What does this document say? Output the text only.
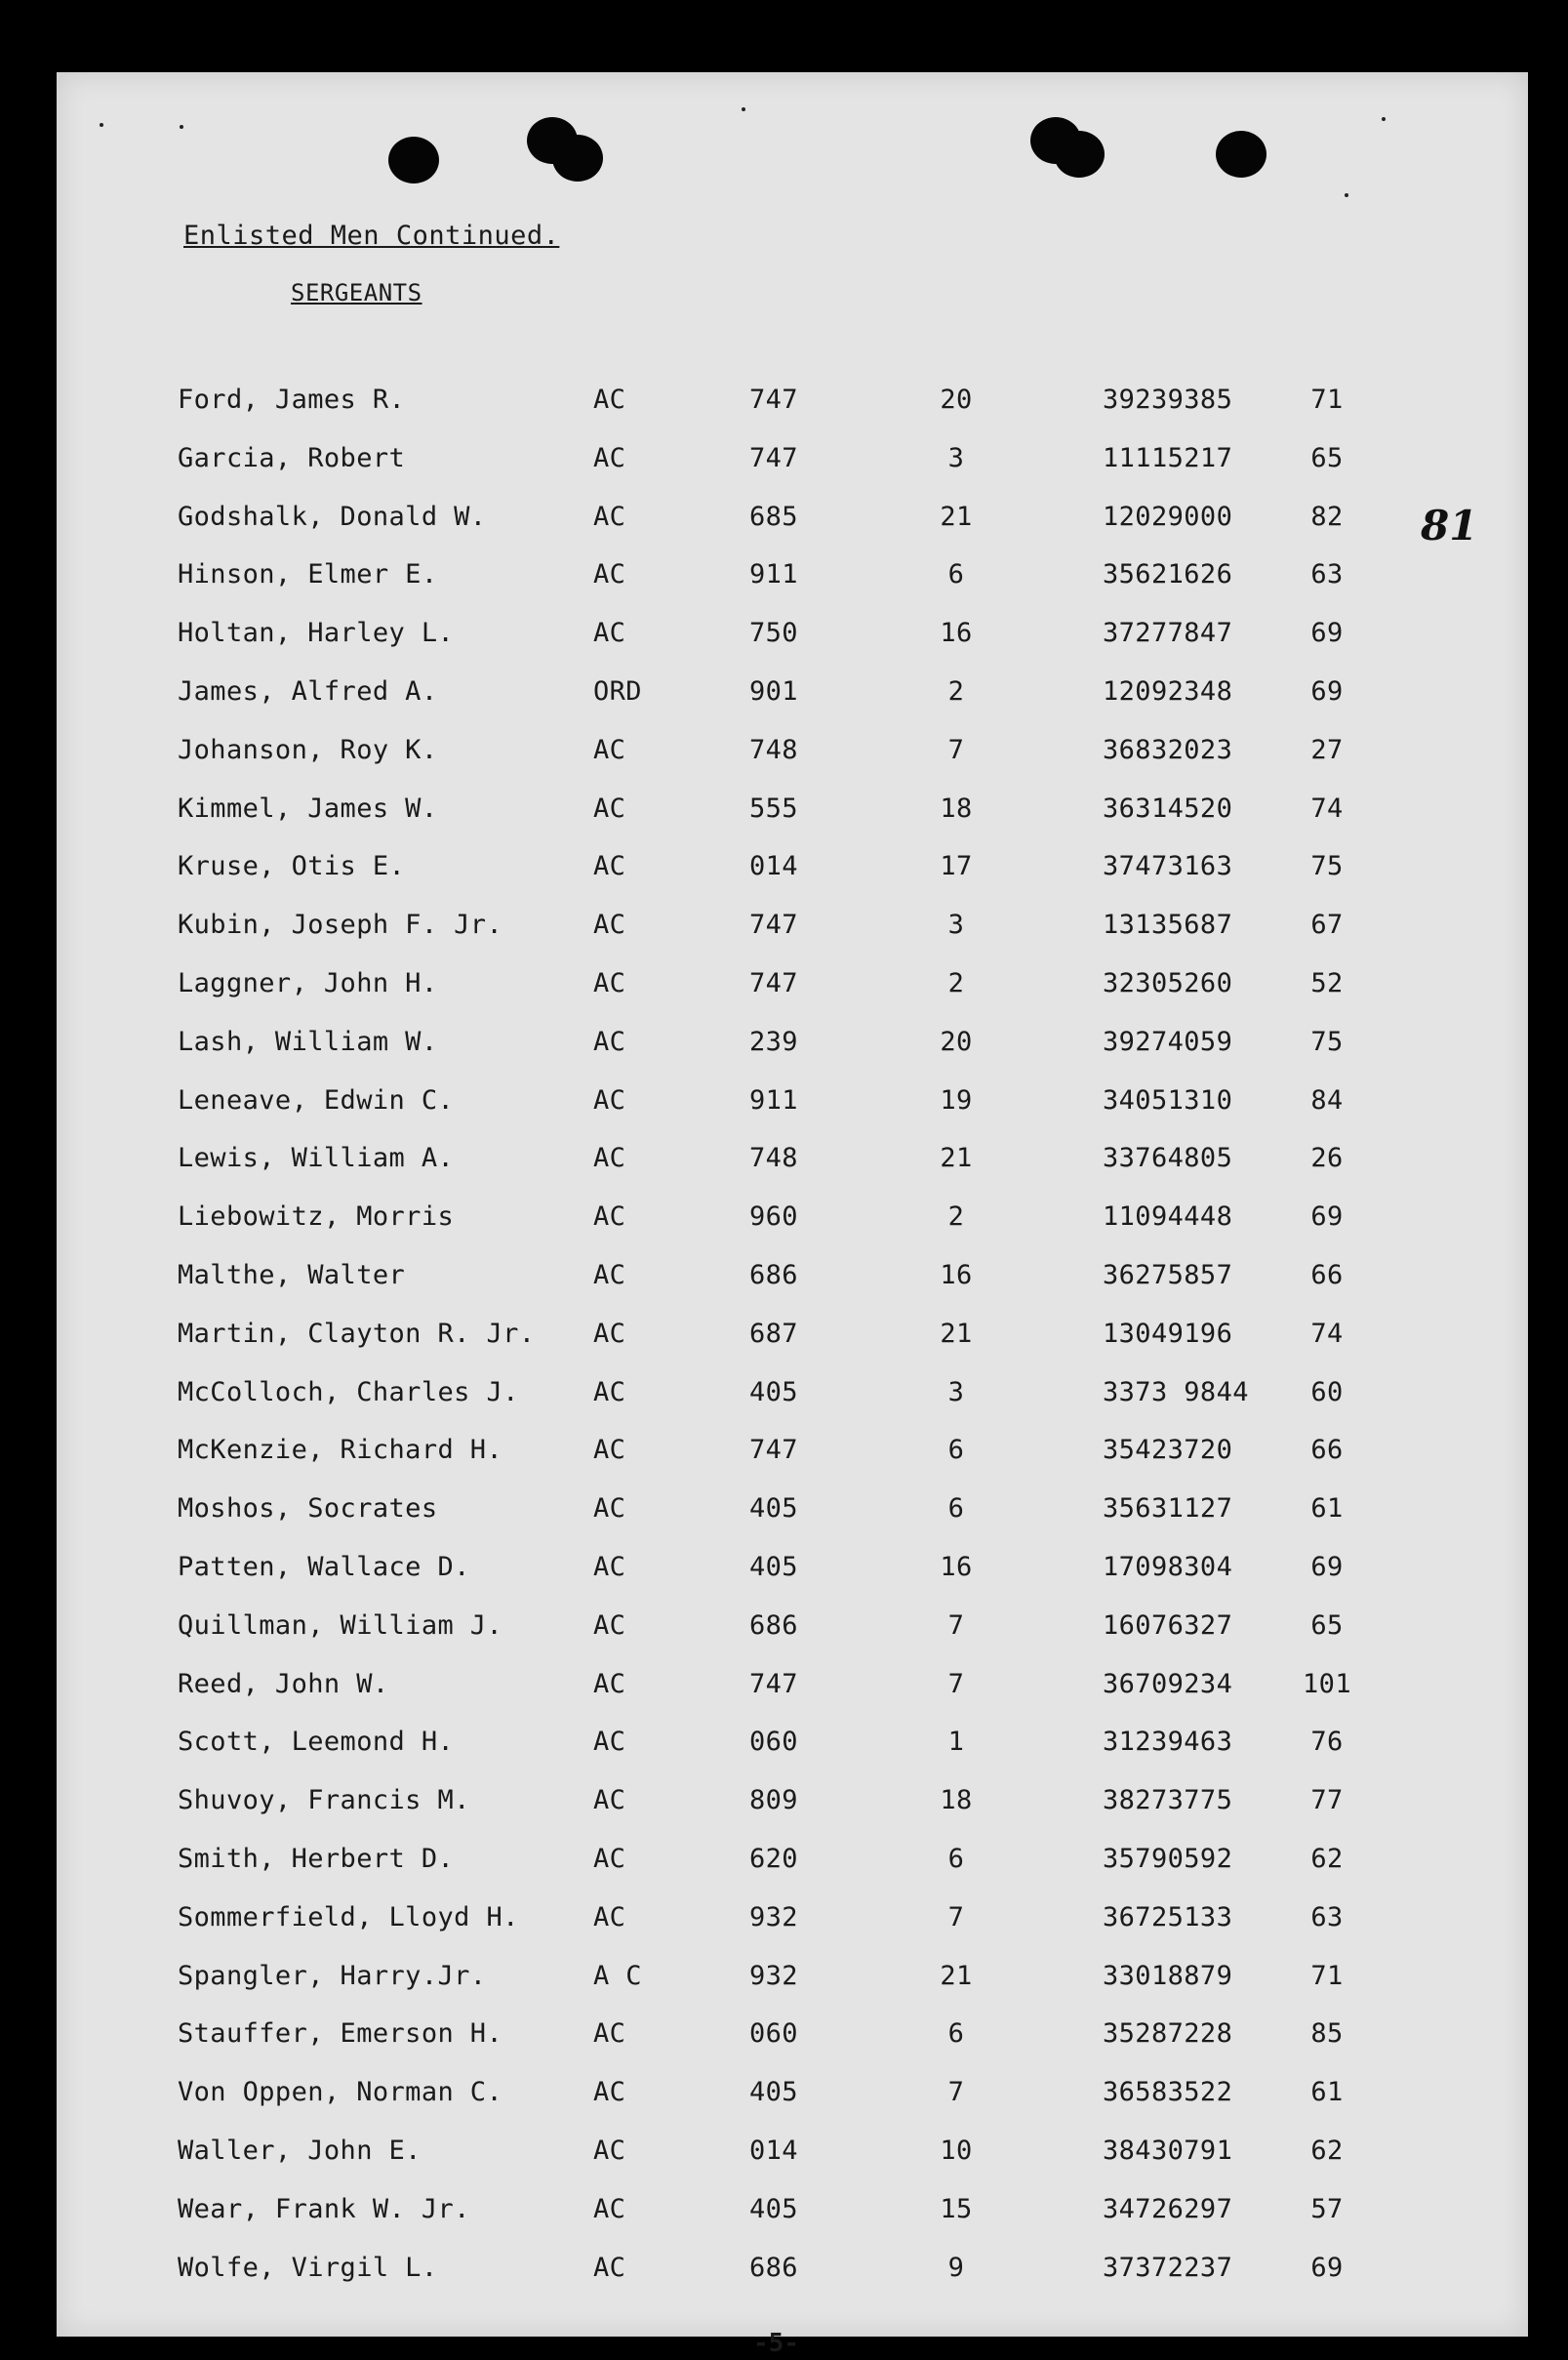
Enlisted Men Continued.
SERGEANTS
81
Ford, James R.	AC	747	20	39239385	71
Garcia, Robert	AC	747	3	11115217	65
Godshalk, Donald W.	AC	685	21	12029000	82
Hinson, Elmer E.	AC	911	6	35621626	63
Holtan, Harley L.	AC	750	16	37277847	69
James, Alfred A.	ORD	901	2	12092348	69
Johanson, Roy K.	AC	748	7	36832023	27
Kimmel, James W.	AC	555	18	36314520	74
Kruse, Otis E.	AC	014	17	37473163	75
Kubin, Joseph F. Jr.	AC	747	3	13135687	67
Laggner, John H.	AC	747	2	32305260	52
Lash, William W.	AC	239	20	39274059	75
Leneave, Edwin C.	AC	911	19	34051310	84
Lewis, William A.	AC	748	21	33764805	26
Liebowitz, Morris	AC	960	2	11094448	69
Malthe, Walter	AC	686	16	36275857	66
Martin, Clayton R. Jr. AC	687	21	13049196	74
McColloch, Charles J.	AC	405	3	3373 9844	60
McKenzie, Richard H.	AC	747	6	35423720	66
Moshos, Socrates	AC	405	6	35631127	61
Patten, Wallace D.	AC	405	16	17098304	69
Quillman, William J.	AC	686	7	16076327	65
Reed, John W.	AC	747	7	36709234	101
Scott, Leemond H.	AC	060	1	31239463	76
Shuvoy, Francis M.	AC	809	18	38273775	77
Smith, Herbert D.	AC	620	6	35790592	62
Sommerfield, Lloyd H.	AC	932	7	36725133	63
Spangler, Harry.Jr.	A C	932	21	33018879	71
Stauffer, Emerson H.	AC	060	6	35287228	85
Von Oppen, Norman C.	AC	405	7	36583522	61
Waller, John E.	AC	014	10	38430791	62
Wear, Frank W. Jr.	AC	405	15	34726297	57
Wolfe, Virgil L.	AC	686	9	37372237	69
-5-
